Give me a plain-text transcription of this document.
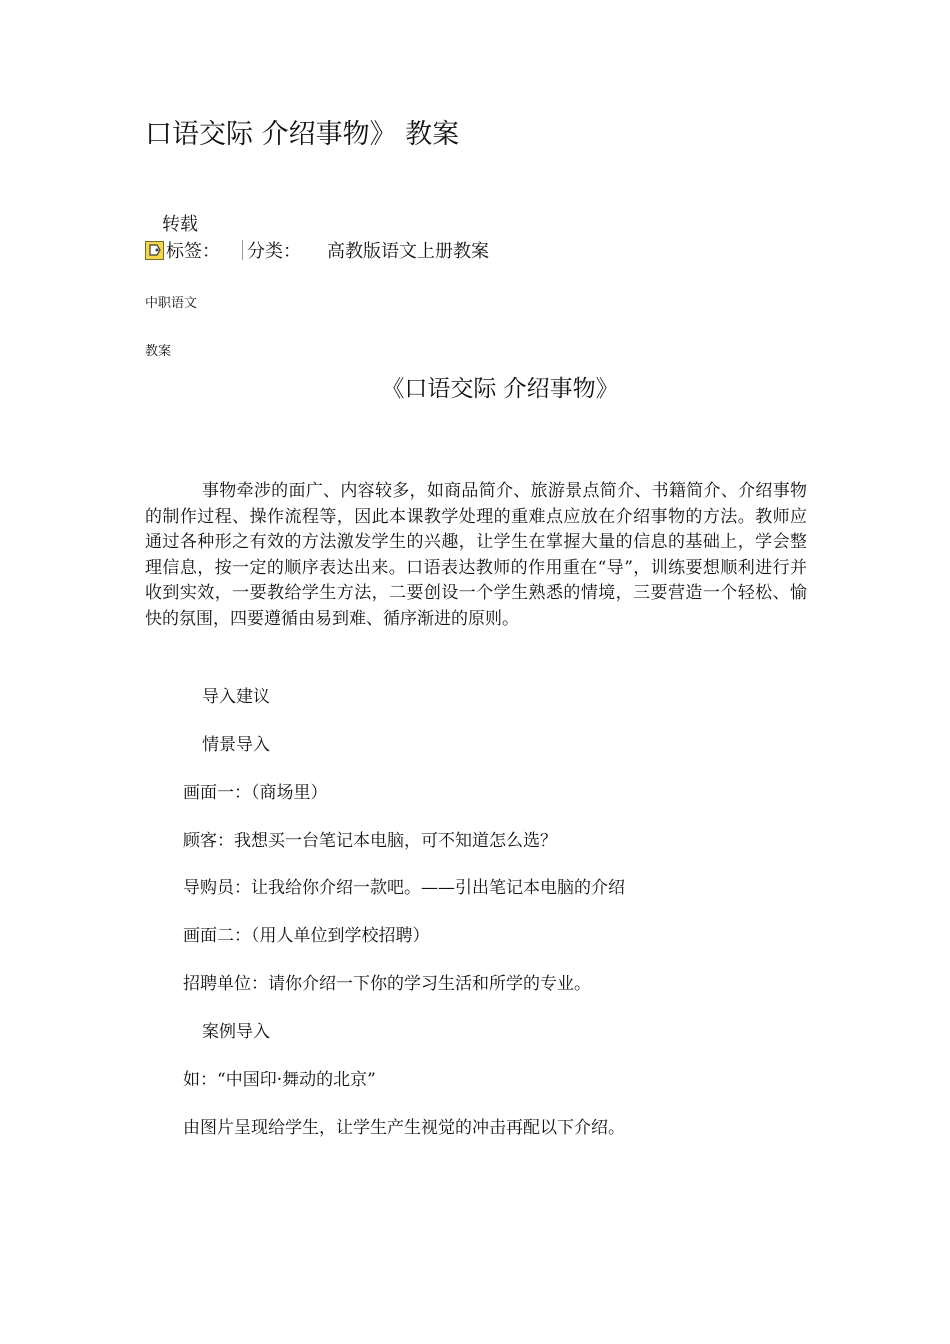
口语交际 介绍事物》 教案
转载
标签： 分类： 高教版语文上册教案
中职语文
教案
《口语交际 介绍事物》
事物牵涉的面广、内容较多，如商品简介、旅游景点简介、书籍简介、介绍事物的制作过程、操作流程等，因此本课教学处理的重难点应放在介绍事物的方法。教师应通过各种形之有效的方法激发学生的兴趣，让学生在掌握大量的信息的基础上，学会整理信息，按一定的顺序表达出来。口语表达教师的作用重在“导”，训练要想顺利进行并收到实效，一要教给学生方法，二要创设一个学生熟悉的情境，三要营造一个轻松、愉快的氛围，四要遵循由易到难、循序渐进的原则。
导入建议
情景导入
画面一：（商场里）
顾客：我想买一台笔记本电脑，可不知道怎么选？
导购员：让我给你介绍一款吧。——引出笔记本电脑的介绍
画面二：（用人单位到学校招聘）
招聘单位：请你介绍一下你的学习生活和所学的专业。
案例导入
如：“中国印·舞动的北京”
由图片呈现给学生，让学生产生视觉的冲击再配以下介绍。
